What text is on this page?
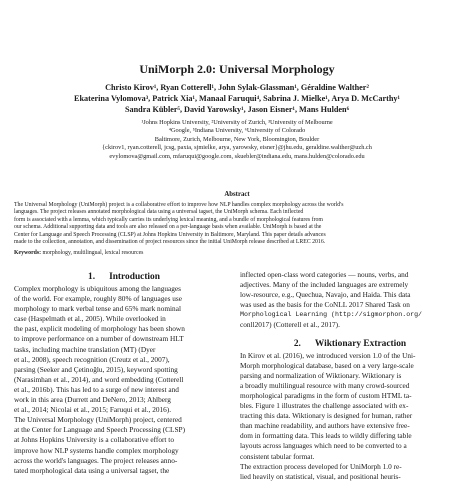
UniMorph 2.0: Universal Morphology
Christo Kirov¹, Ryan Cotterell¹, John Sylak-Glassman¹, Géraldine Walther²
Ekaterina Vylomova³, Patrick Xia¹, Manaal Faruqui⁴, Sabrina J. Mielke¹, Arya D. McCarthy¹
Sandra Kübler⁵, David Yarowsky¹, Jason Eisner¹, Mans Hulden⁶
¹Johns Hopkins University, ²University of Zurich, ³University of Melbourne
⁴Google, ⁵Indiana University, ⁶University of Colorado
Baltimore, Zurich, Melbourne, New York, Bloomington, Boulder
{ckirov1, ryan.cotterell, jcsg, paxia, sjmielke, arya, yarowsky, eisner}@jhu.edu, geraldine.walther@uzh.ch
evylomova@gmail.com, mfaruqui@google.com, skuebler@indiana.edu, mans.hulden@colorado.edu
Abstract
The Universal Morphology (UniMorph) project is a collaborative effort to improve how NLP handles complex morphology across the world's
languages. The project releases annotated morphological data using a universal tagset, the UniMorph schema. Each inflected
form is associated with a lemma, which typically carries its underlying lexical meaning, and a bundle of morphological features from
our schema. Additional supporting data and tools are also released on a per-language basis when available. UniMorph is based at the
Center for Language and Speech Processing (CLSP) at Johns Hopkins University in Baltimore, Maryland. This paper details advances
made to the collection, annotation, and dissemination of project resources since the initial UniMorph release described at LREC 2016.
Keywords: morphology, multilingual, lexical resources
1. Introduction
Complex morphology is ubiquitous among the languages
of the world. For example, roughly 80% of languages use
morphology to mark verbal tense and 65% mark nominal
case (Haspelmath et al., 2005). While overlooked in
the past, explicit modeling of morphology has been shown
to improve performance on a number of downstream HLT
tasks, including machine translation (MT) (Dyer
et al., 2008), speech recognition (Creutz et al., 2007),
parsing (Seeker and Çetinoğlu, 2015), keyword spotting
(Narasimhan et al., 2014), and word embedding (Cotterell
et al., 2016b). This has led to a surge of new interest and
work in this area (Durrett and DeNero, 2013; Ahlberg
et al., 2014; Nicolai et al., 2015; Faruqui et al., 2016).
The Universal Morphology (UniMorph) project, centered
at the Center for Language and Speech Processing (CLSP)
at Johns Hopkins University is a collaborative effort to
improve how NLP systems handle complex morphology
across the world's languages. The project releases anno-
tated morphological data using a universal tagset, the
inflected open-class word categories — nouns, verbs, and
adjectives. Many of the included languages are extremely
low-resource, e.g., Quechua, Navajo, and Haida. This data
was used as the basis for the CoNLL 2017 Shared Task on
Morphological Learning (http://sigmorphon.org/
conll2017) (Cotterell et al., 2017).
2. Wiktionary Extraction
In Kirov et al. (2016), we introduced version 1.0 of the Uni-
Morph morphological database, based on a very large-scale
parsing and normalization of Wiktionary. Wiktionary is
a broadly multilingual resource with many crowd-sourced
morphological paradigms in the form of custom HTML ta-
bles. Figure 1 illustrates the challenge associated with ex-
tracting this data. Wiktionary is designed for human, rather
than machine readability, and authors have extensive free-
dom in formatting data. This leads to wildly differing table
layouts across languages which need to be converted to a
consistent tabular format.
The extraction process developed for UniMorph 1.0 re-
lied heavily on statistical, visual, and positional heuris-
